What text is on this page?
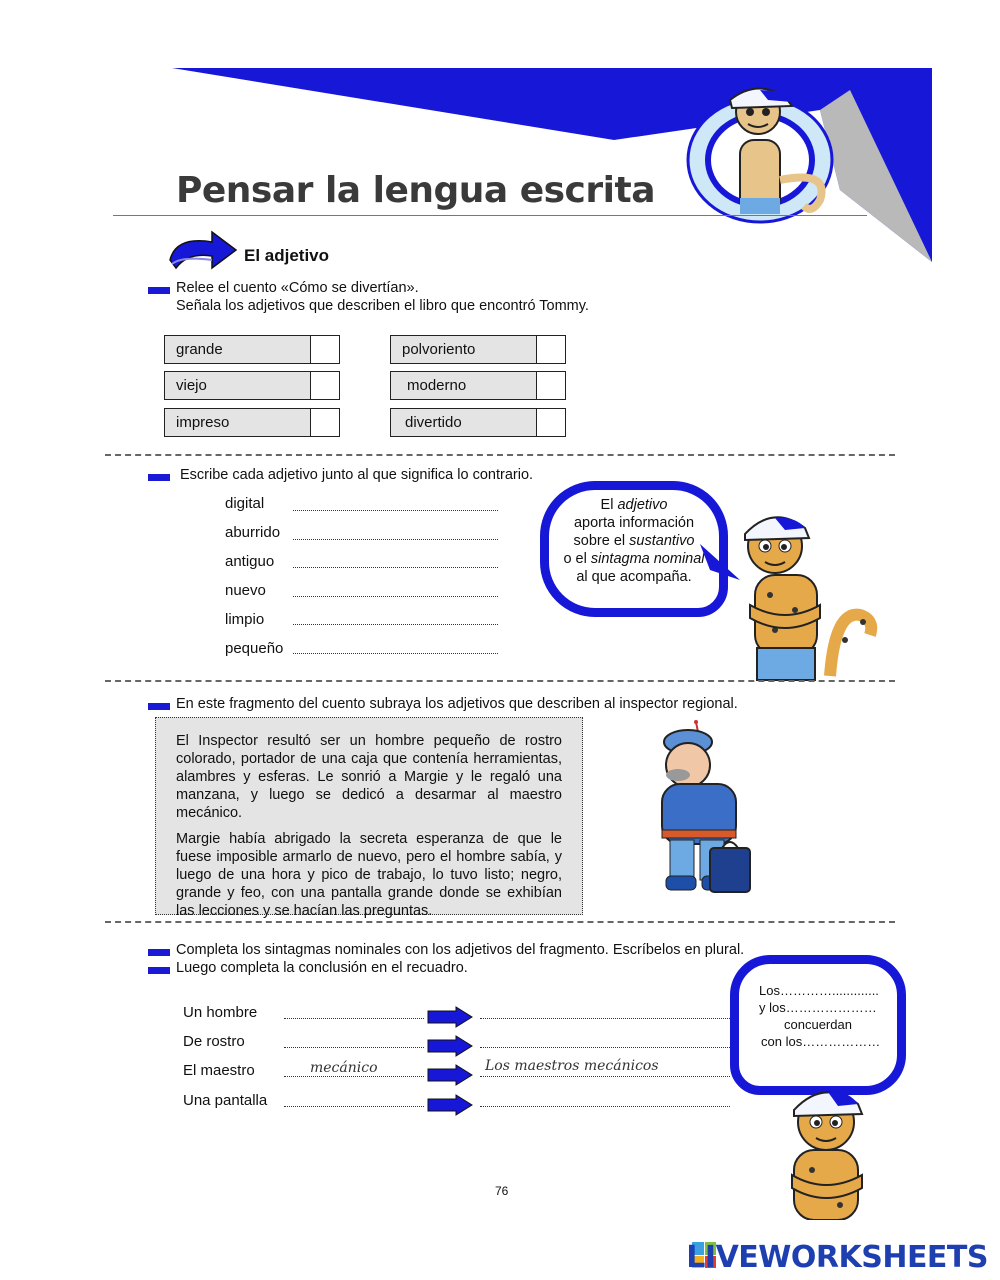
Pensar la lengua escrita
El adjetivo
Relee el cuento «Cómo se divertían».
Señala los adjetivos que describen el libro que encontró Tommy.
grande	polvoriento
viejo	moderno
impreso	divertido
Escribe cada adjetivo junto al que significa lo contrario.
digital
aburrido
antiguo
nuevo
limpio
pequeño
El adjetivo
aporta información
sobre el sustantivo
o el sintagma nominal
al que acompaña.
En este fragmento del cuento subraya los adjetivos que describen al inspector regional.

El Inspector resultó ser un hombre pequeño de rostro colorado, portador de una caja que contenía herramientas, alambres y esferas. Le sonrió a Margie y le regaló una manzana, y luego se dedicó a desarmar al maestro mecánico.

Margie había abrigado la secreta esperanza de que le fuese imposible armarlo de nuevo, pero el hombre sabía, y luego de una hora y pico de trabajo, lo tuvo listo; negro, grande y feo, con una pantalla grande donde se exhibían las lecciones y se hacían las preguntas.

Completa los sintagmas nominales con los adjetivos del fragmento. Escríbelos en plural.
Luego completa la conclusión en el recuadro.
Un hombre
De rostro
El maestro	mecánico	Los maestros mecánicos
Una pantalla
Los………….............
y los…………………
concuerdan
con los………………
76
LIVEWORKSHEETS
